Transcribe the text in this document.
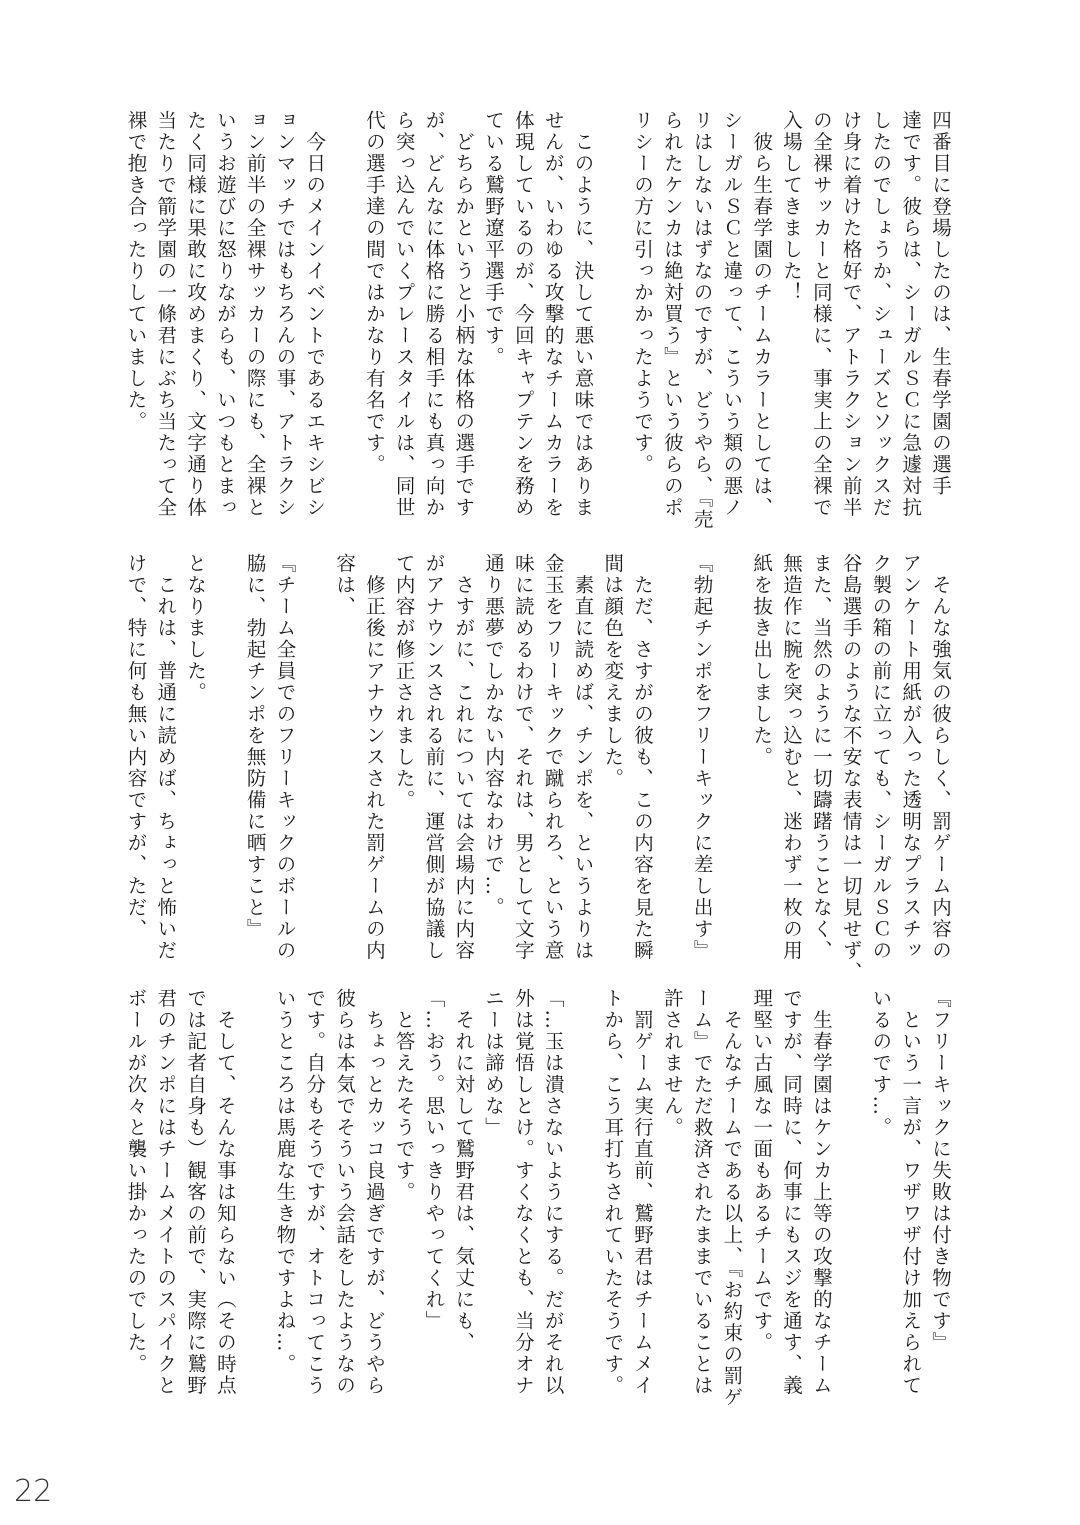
四番目に登場したのは、生春学園の選手
達です。彼らは、シーガルＳＣに急遽対抗
したのでしょうか、シューズとソックスだ
け身に着けた格好で、アトラクション前半
の全裸サッカーと同様に、事実上の全裸で
入場してきました！
　彼ら生春学園のチームカラーとしては、
シーガルＳＣと違って、こういう類の悪ノ
リはしないはずなのですが、どうやら、『売
られたケンカは絶対買う』という彼らのポ
リシーの方に引っかかったようです。
　このように、決して悪い意味ではありま
せんが、いわゆる攻撃的なチームカラーを
体現しているのが、今回キャプテンを務め
ている鷲野遼平選手です。
　どちらかというと小柄な体格の選手です
が、どんなに体格に勝る相手にも真っ向か
ら突っ込んでいくプレースタイルは、同世
代の選手達の間ではかなり有名です。
　今日のメインイベントであるエキシビシ
ョンマッチではもちろんの事、アトラクシ
ョン前半の全裸サッカーの際にも、全裸と
いうお遊びに怒りながらも、いつもとまっ
たく同様に果敢に攻めまくり、文字通り体
当たりで箭学園の一條君にぶち当たって全
裸で抱き合ったりしていました。
　そんな強気の彼らしく、罰ゲーム内容の
アンケート用紙が入った透明なプラスチッ
ク製の箱の前に立っても、シーガルＳＣの
谷島選手のような不安な表情は一切見せず、
また、当然のように一切躊躇うことなく、
無造作に腕を突っ込むと、迷わず一枚の用
紙を抜き出しました。
『勃起チンポをフリーキックに差し出す』
　ただ、さすがの彼も、この内容を見た瞬
間は顔色を変えました。
　素直に読めば、チンポを、というよりは
金玉をフリーキックで蹴られろ、という意
味に読めるわけで、それは、男として文字
通り悪夢でしかない内容なわけで…。
　さすがに、これについては会場内に内容
がアナウンスされる前に、運営側が協議し
て内容が修正されました。
　修正後にアナウンスされた罰ゲームの内
容は、
『チーム全員でのフリーキックのボールの
脇に、勃起チンポを無防備に晒すこと』
となりました。
　これは、普通に読めば、ちょっと怖いだ
けで、特に何も無い内容ですが、ただ、
『フリーキックに失敗は付き物です』
　という一言が、ワザワザ付け加えられて
いるのです…。
　生春学園はケンカ上等の攻撃的なチーム
ですが、同時に、何事にもスジを通す、義
理堅い古風な一面もあるチームです。
　そんなチームである以上、『お約束の罰ゲ
ーム』でただ救済されたままでいることは
許されません。
　罰ゲーム実行直前、鷲野君はチームメイ
トから、こう耳打ちされていたそうです。
「…玉は潰さないようにする。だがそれ以
外は覚悟しとけ。すくなくとも、当分オナ
ニーは諦めな」
　それに対して鷲野君は、気丈にも、
「…おう。思いっきりやってくれ」
　と答えたそうです。
　ちょっとカッコ良過ぎですが、どうやら
彼らは本気でそういう会話をしたようなの
です。自分もそうですが、オトコってこう
いうところは馬鹿な生き物ですよね…。
　そして、そんな事は知らない（その時点
では記者自身も）観客の前で、実際に鷲野
君のチンポにはチームメイトのスパイクと
ボールが次々と襲い掛かったのでした。
22
